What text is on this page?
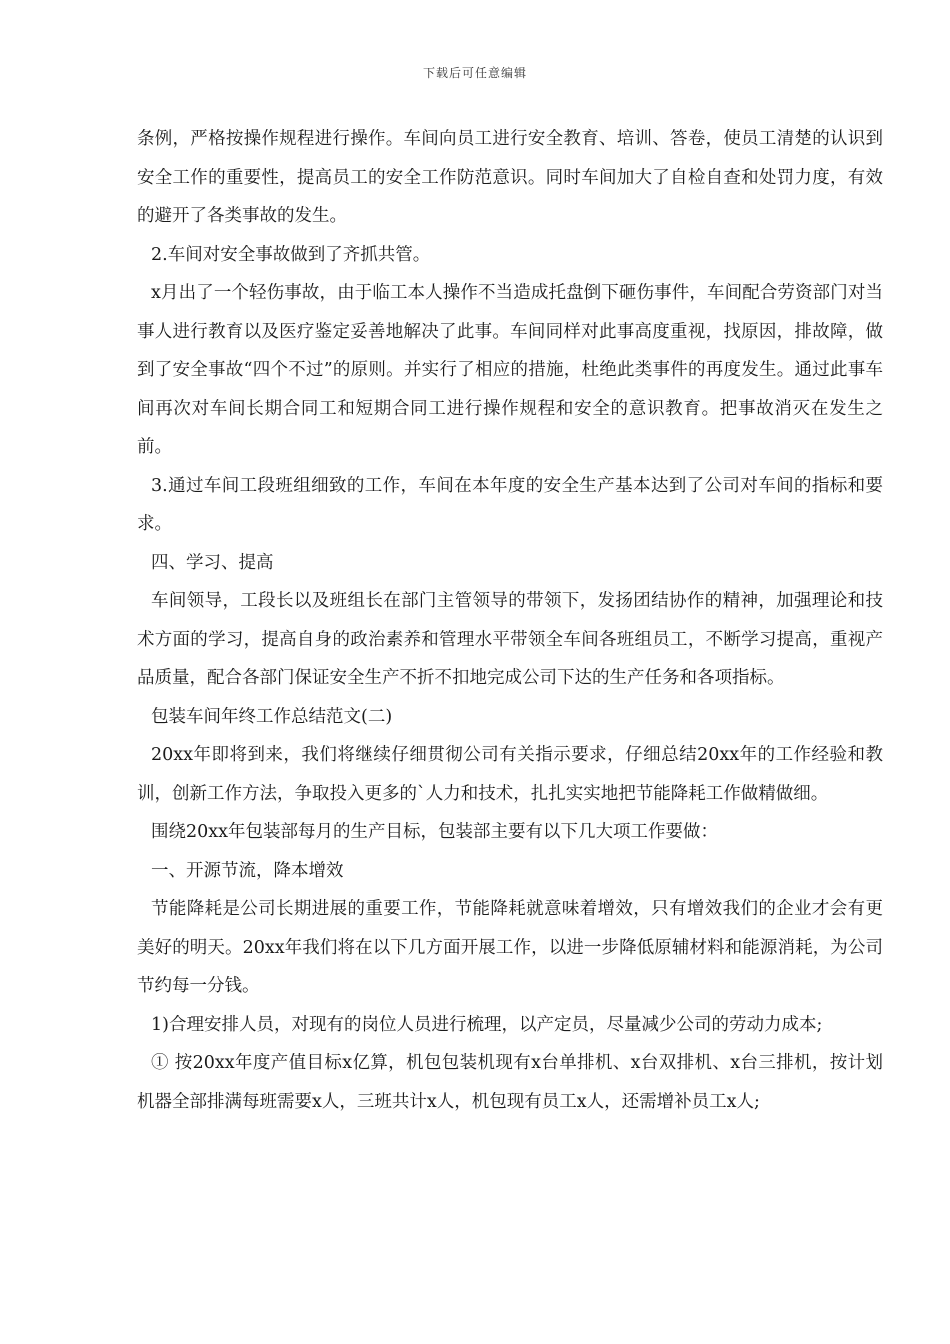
下载后可任意编辑

条例，严格按操作规程进行操作。车间向员工进行安全教育、培训、答卷，使员工清楚的认识到安全工作的重要性，提高员工的安全工作防范意识。同时车间加大了自检自查和处罚力度，有效的避开了各类事故的发生。

2.车间对安全事故做到了齐抓共管。

x月出了一个轻伤事故，由于临工本人操作不当造成托盘倒下砸伤事件，车间配合劳资部门对当事人进行教育以及医疗鉴定妥善地解决了此事。车间同样对此事高度重视，找原因，排故障，做到了安全事故“四个不过”的原则。并实行了相应的措施，杜绝此类事件的再度发生。通过此事车间再次对车间长期合同工和短期合同工进行操作规程和安全的意识教育。把事故消灭在发生之前。

3.通过车间工段班组细致的工作，车间在本年度的安全生产基本达到了公司对车间的指标和要求。

四、学习、提高

车间领导，工段长以及班组长在部门主管领导的带领下，发扬团结协作的精神，加强理论和技术方面的学习，提高自身的政治素养和管理水平带领全车间各班组员工，不断学习提高，重视产品质量，配合各部门保证安全生产不折不扣地完成公司下达的生产任务和各项指标。

包装车间年终工作总结范文(二)

20xx年即将到来，我们将继续仔细贯彻公司有关指示要求，仔细总结20xx年的工作经验和教训，创新工作方法，争取投入更多的`人力和技术，扎扎实实地把节能降耗工作做精做细。

围绕20xx年包装部每月的生产目标，包装部主要有以下几大项工作要做：

一、开源节流，降本增效

节能降耗是公司长期进展的重要工作，节能降耗就意味着增效，只有增效我们的企业才会有更美好的明天。20xx年我们将在以下几方面开展工作，以进一步降低原辅材料和能源消耗，为公司节约每一分钱。

1)合理安排人员，对现有的岗位人员进行梳理，以产定员，尽量减少公司的劳动力成本;

① 按20xx年度产值目标x亿算，机包包装机现有x台单排机、x台双排机、x台三排机，按计划机器全部排满每班需要x人，三班共计x人，机包现有员工x人，还需增补员工x人;
